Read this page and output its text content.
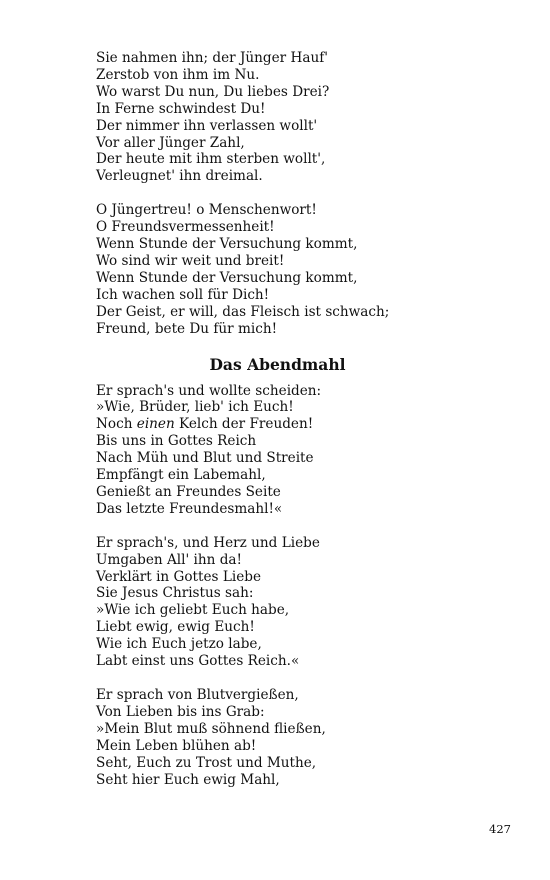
Sie nahmen ihn; der Jünger Hauf'
Zerstob von ihm im Nu.
Wo warst Du nun, Du liebes Drei?
In Ferne schwindest Du!
Der nimmer ihn verlassen wollt'
Vor aller Jünger Zahl,
Der heute mit ihm sterben wollt',
Verleugnet' ihn dreimal.
O Jüngertreu! o Menschenwort!
O Freundsvermessenheit!
Wenn Stunde der Versuchung kommt,
Wo sind wir weit und breit!
Wenn Stunde der Versuchung kommt,
Ich wachen soll für Dich!
Der Geist, er will, das Fleisch ist schwach;
Freund, bete Du für mich!
Das Abendmahl
Er sprach's und wollte scheiden:
»Wie, Brüder, lieb' ich Euch!
Noch einen Kelch der Freuden!
Bis uns in Gottes Reich
Nach Müh und Blut und Streite
Empfängt ein Labemahl,
Genießt an Freundes Seite
Das letzte Freundesmahl!«
Er sprach's, und Herz und Liebe
Umgaben All' ihn da!
Verklärt in Gottes Liebe
Sie Jesus Christus sah:
»Wie ich geliebt Euch habe,
Liebt ewig, ewig Euch!
Wie ich Euch jetzo labe,
Labt einst uns Gottes Reich.«
Er sprach von Blutvergießen,
Von Lieben bis ins Grab:
»Mein Blut muß söhnend fließen,
Mein Leben blühen ab!
Seht, Euch zu Trost und Muthe,
Seht hier Euch ewig Mahl,
427
